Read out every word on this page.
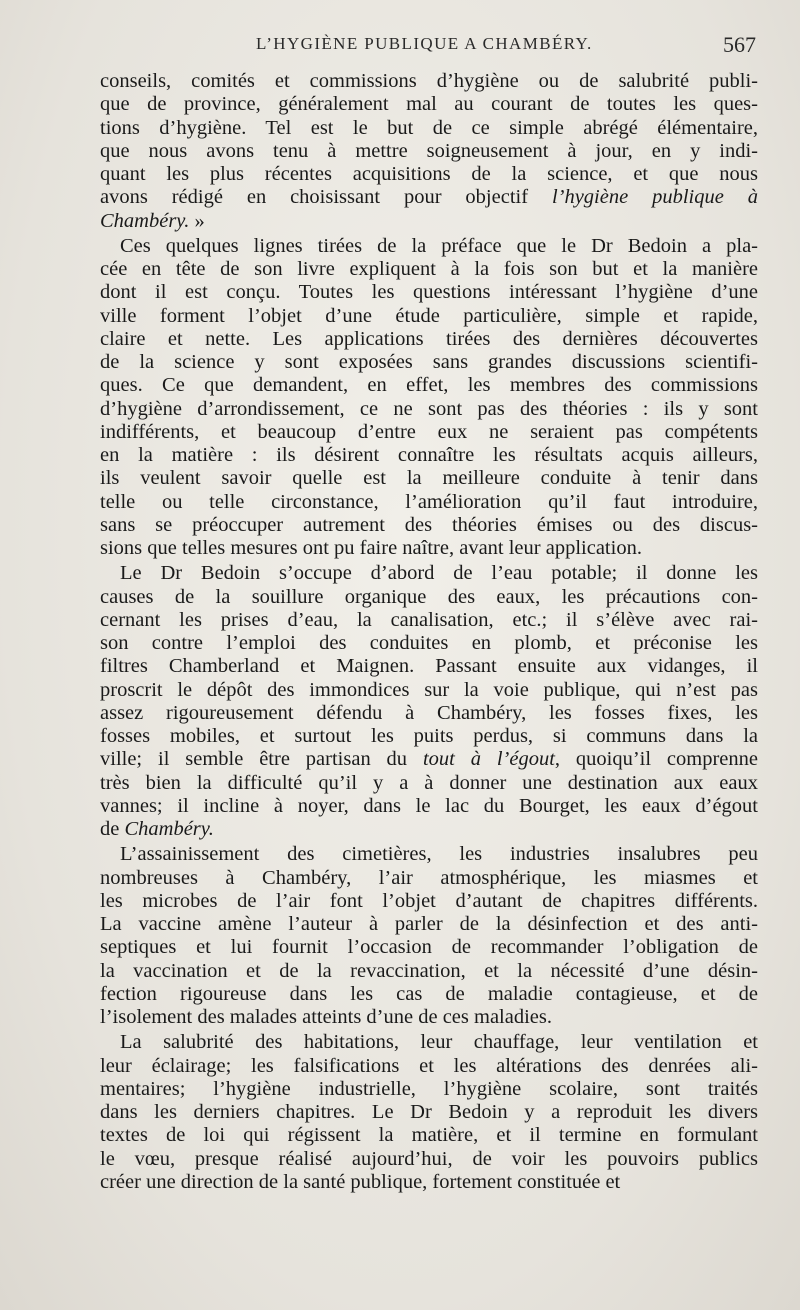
L’HYGIÈNE PUBLIQUE A CHAMBÉRY.	567
conseils, comités et commissions d’hygiène ou de salubrité publi-
que de province, généralement mal au courant de toutes les ques-
tions d’hygiène. Tel est le but de ce simple abrégé élémentaire,
que nous avons tenu à mettre soigneusement à jour, en y indi-
quant les plus récentes acquisitions de la science, et que nous
avons rédigé en choisissant pour objectif l’hygiène publique à
Chambéry. »
Ces quelques lignes tirées de la préface que le Dr Bedoin a pla-
cée en tête de son livre expliquent à la fois son but et la manière
dont il est conçu. Toutes les questions intéressant l’hygiène d’une
ville forment l’objet d’une étude particulière, simple et rapide,
claire et nette. Les applications tirées des dernières découvertes
de la science y sont exposées sans grandes discussions scientifi-
ques. Ce que demandent, en effet, les membres des commissions
d’hygiène d’arrondissement, ce ne sont pas des théories : ils y sont
indifférents, et beaucoup d’entre eux ne seraient pas compétents
en la matière : ils désirent connaître les résultats acquis ailleurs,
ils veulent savoir quelle est la meilleure conduite à tenir dans
telle ou telle circonstance, l’amélioration qu’il faut introduire,
sans se préoccuper autrement des théories émises ou des discus-
sions que telles mesures ont pu faire naître, avant leur application.
Le Dr Bedoin s’occupe d’abord de l’eau potable; il donne les
causes de la souillure organique des eaux, les précautions con-
cernant les prises d’eau, la canalisation, etc.; il s’élève avec rai-
son contre l’emploi des conduites en plomb, et préconise les
filtres Chamberland et Maignen. Passant ensuite aux vidanges, il
proscrit le dépôt des immondices sur la voie publique, qui n’est pas
assez rigoureusement défendu à Chambéry, les fosses fixes, les
fosses mobiles, et surtout les puits perdus, si communs dans la
ville; il semble être partisan du tout à l’égout, quoiqu’il comprenne
très bien la difficulté qu’il y a à donner une destination aux eaux
vannes; il incline à noyer, dans le lac du Bourget, les eaux d’égout
de Chambéry.
L’assainissement des cimetières, les industries insalubres peu
nombreuses à Chambéry, l’air atmosphérique, les miasmes et
les microbes de l’air font l’objet d’autant de chapitres différents.
La vaccine amène l’auteur à parler de la désinfection et des anti-
septiques et lui fournit l’occasion de recommander l’obligation de
la vaccination et de la revaccination, et la nécessité d’une désin-
fection rigoureuse dans les cas de maladie contagieuse, et de
l’isolement des malades atteints d’une de ces maladies.
La salubrité des habitations, leur chauffage, leur ventilation et
leur éclairage; les falsifications et les altérations des denrées ali-
mentaires; l’hygiène industrielle, l’hygiène scolaire, sont traités
dans les derniers chapitres. Le Dr Bedoin y a reproduit les divers
textes de loi qui régissent la matière, et il termine en formulant
le vœu, presque réalisé aujourd’hui, de voir les pouvoirs publics
créer une direction de la santé publique, fortement constituée et
